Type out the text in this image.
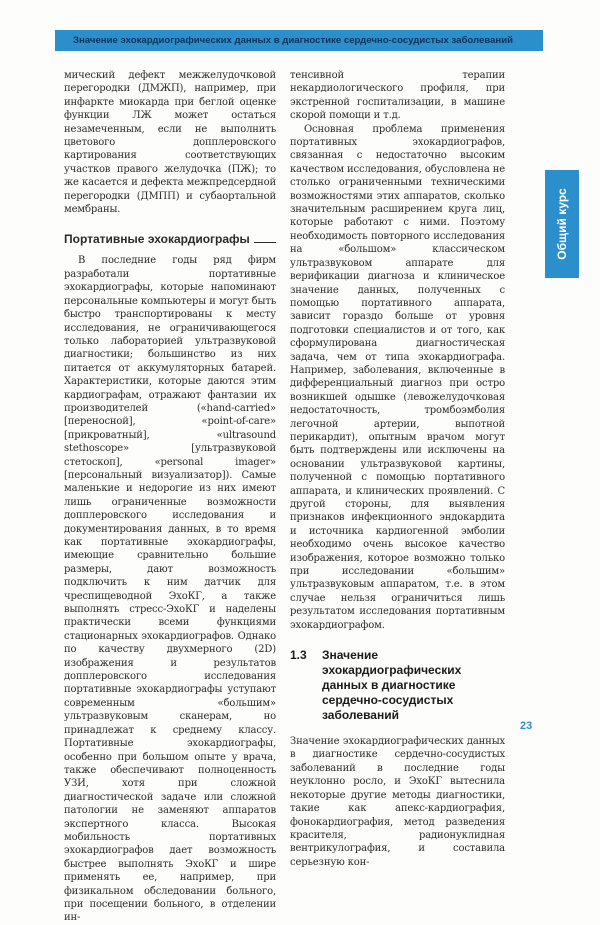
Значение эхокардиографических данных в диагностике сердечно-сосудистых заболеваний
Общий курс

мический дефект межжелудочковой перегородки (ДМЖП), например, при инфаркте миокарда при беглой оценке функции ЛЖ может остаться незамеченным, если не выполнить цветового допплеровского картирования соответствующих участков правого желудочка (ПЖ); то же касается и дефекта межпредсердной перегородки (ДМПП) и субаортальной мембраны.

Портативные эхокардиографы

В последние годы ряд фирм разработали портативные эхокардиографы, которые напоминают персональные компьютеры и могут быть быстро транспортированы к месту исследования, не ограничивающегося только лабораторией ультразвуковой диагностики; большинство из них питается от аккумуляторных батарей. Характеристики, которые даются этим кардиографам, отражают фантазии их производителей («hand-carried» [переносной], «point-of-care» [прикроватный], «ultrasound stethoscope» [ультразвуковой стетоскоп], «personal imager» [персональный визуализатор]). Самые маленькие и недорогие из них имеют лишь ограниченные возможности допплеровского исследования и документирования данных, в то время как портативные эхокардиографы, имеющие сравнительно большие размеры, дают возможность подключить к ним датчик для чреспищеводной ЭхоКГ, а также выполнять стресс-ЭхоКГ и наделены практически всеми функциями стационарных эхокардиографов. Однако по качеству двухмерного (2D) изображения и результатов допплеровского исследования портативные эхокардиографы уступают современным «большим» ультразвуковым сканерам, но принадлежат к среднему классу. Портативные эхокардиографы, особенно при большом опыте у врача, также обеспечивают полноценность УЗИ, хотя при сложной диагностической задаче или сложной патологии не заменяют аппаратов экспертного класса. Высокая мобильность портативных эхокардиографов дает возможность быстрее выполнять ЭхоКГ и шире применять ее, например, при физикальном обследовании больного, при посещении больного, в отделении ин-

тенсивной терапии некардиологического профиля, при экстренной госпитализации, в машине скорой помощи и т.д.

Основная проблема применения портативных эхокардиографов, связанная с недостаточно высоким качеством исследования, обусловлена не столько ограниченными техническими возможностями этих аппаратов, сколько значительным расширением круга лиц, которые работают с ними. Поэтому необходимость повторного исследования на «большом» классическом ультразвуковом аппарате для верификации диагноза и клиническое значение данных, полученных с помощью портативного аппарата, зависит гораздо больше от уровня подготовки специалистов и от того, как сформулирована диагностическая задача, чем от типа эхокардиографа. Например, заболевания, включенные в дифференциальный диагноз при остро возникшей одышке (левожелудочковая недостаточность, тромбоэмболия легочной артерии, выпотной перикардит), опытным врачом могут быть подтверждены или исключены на основании ультразвуковой картины, полученной с помощью портативного аппарата, и клинических проявлений. С другой стороны, для выявления признаков инфекционного эндокардита и источника кардиогенной эмболии необходимо очень высокое качество изображения, которое возможно только при исследовании «большим» ультразвуковым аппаратом, т.е. в этом случае нельзя ограничиться лишь результатом исследования портативным эхокардиографом.

1.3	Значение эхокардиографических данных в диагностике сердечно-сосудистых заболеваний

Значение эхокардиографических данных в диагностике сердечно-сосудистых заболеваний в последние годы неуклонно росло, и ЭхоКГ вытеснила некоторые другие методы диагностики, такие как апекс-кардиография, фонокардиография, метод разведения красителя, радионуклидная вентрикулография, и составила серьезную кон-

23
